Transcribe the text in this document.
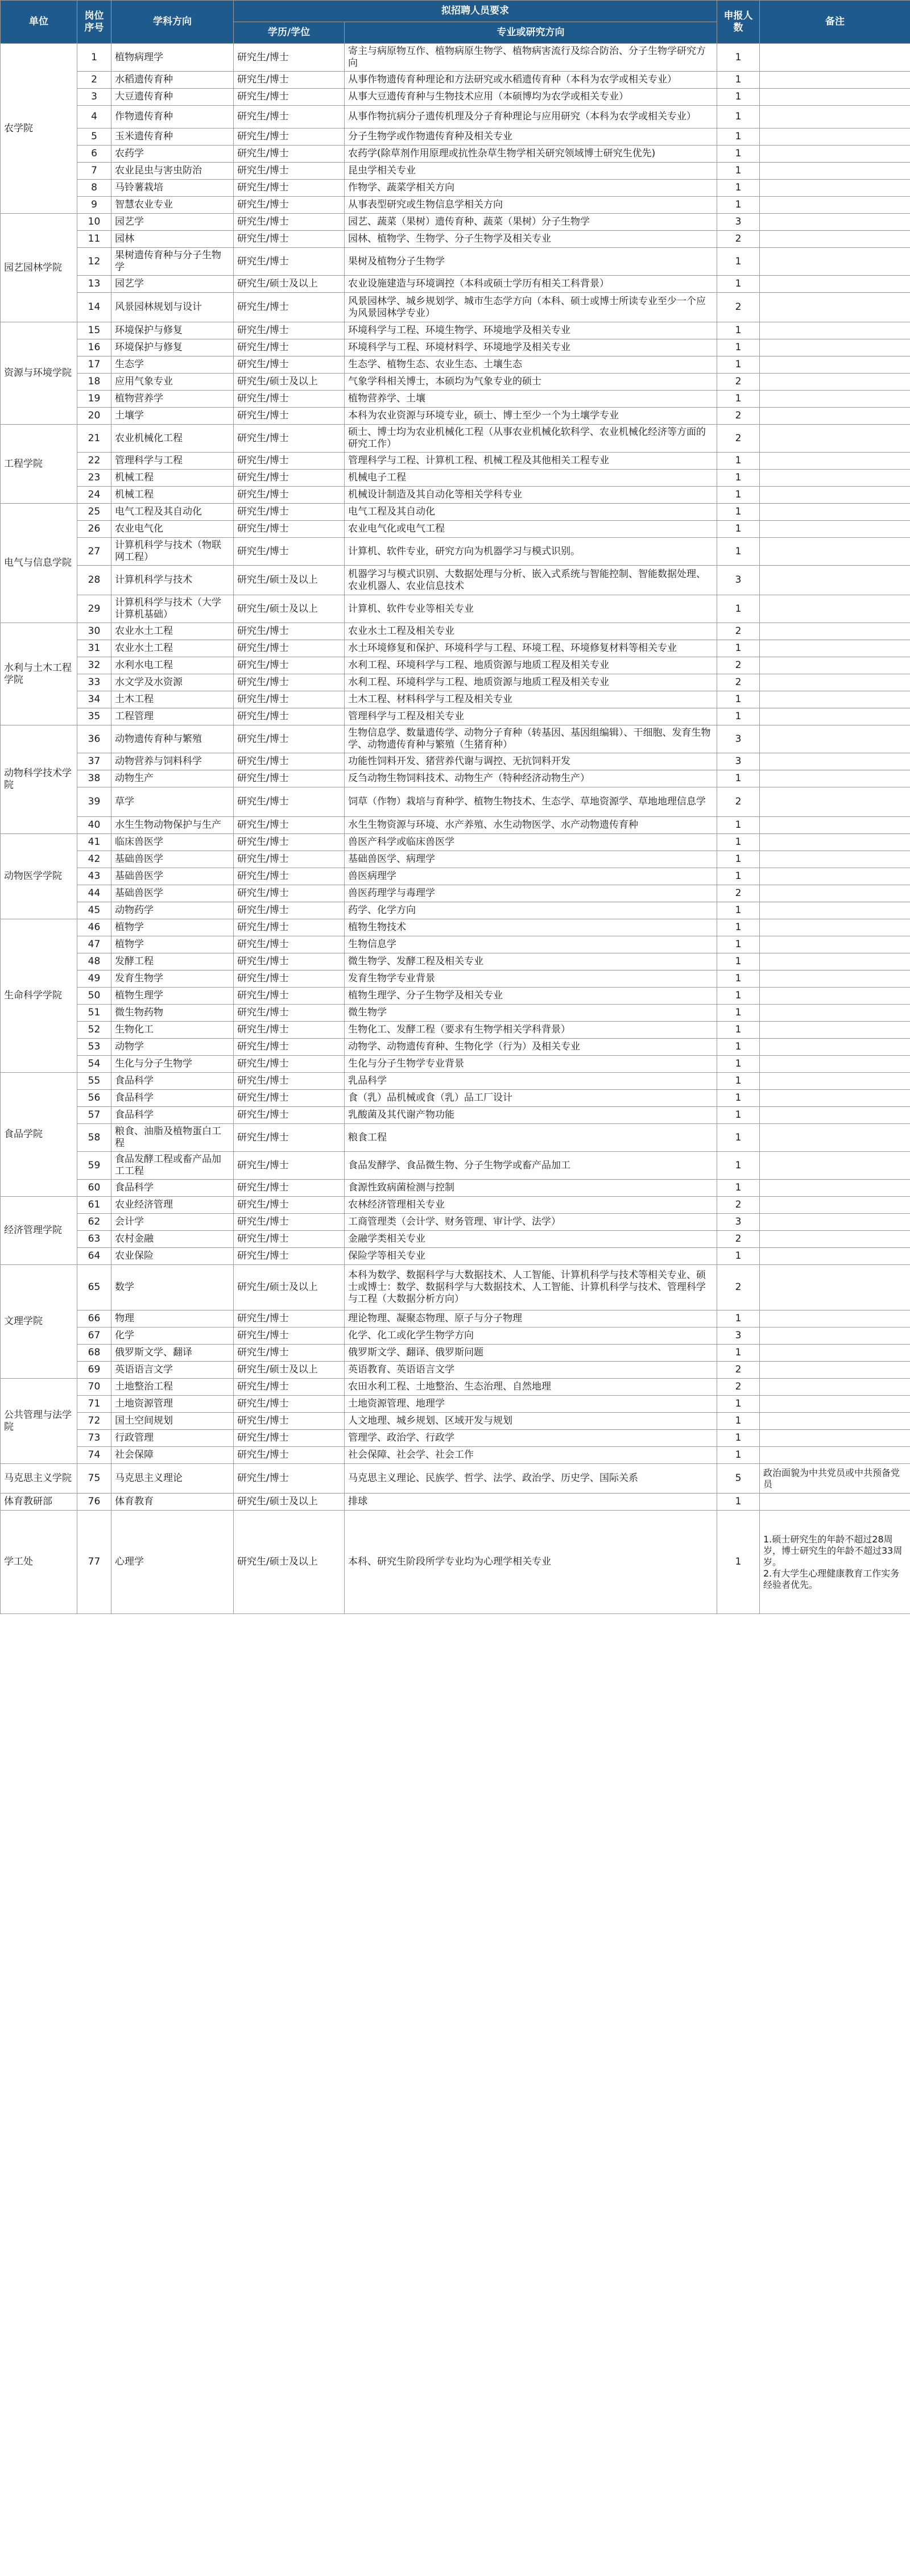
单位	岗位序号	学科方向	拟招聘人员要求		申报人数	备注
			学历/学位	专业或研究方向		
农学院	1	植物病理学	研究生/博士	寄主与病原物互作、植物病原生物学、植物病害流行及综合防治、分子生物学研究方向	1	
	2	水稻遗传育种	研究生/博士	从事作物遗传育种理论和方法研究或水稻遗传育种（本科为农学或相关专业）	1	
	3	大豆遗传育种	研究生/博士	从事大豆遗传育种与生物技术应用（本硕博均为农学或相关专业）	1	
	4	作物遗传育种	研究生/博士	从事作物抗病分子遗传机理及分子育种理论与应用研究（本科为农学或相关专业）	1	
	5	玉米遗传育种	研究生/博士	分子生物学或作物遗传育种及相关专业	1	
	6	农药学	研究生/博士	农药学(除草剂作用原理或抗性杂草生物学相关研究领域博士研究生优先)	1	
	7	农业昆虫与害虫防治	研究生/博士	昆虫学相关专业	1	
	8	马铃薯栽培	研究生/博士	作物学、蔬菜学相关方向	1	
	9	智慧农业专业	研究生/博士	从事表型研究或生物信息学相关方向	1	
园艺园林学院	10	园艺学	研究生/博士	园艺、蔬菜（果树）遗传育种、蔬菜（果树）分子生物学	3	
	11	园林	研究生/博士	园林、植物学、生物学、分子生物学及相关专业	2	
	12	果树遗传育种与分子生物学	研究生/博士	果树及植物分子生物学	1	
	13	园艺学	研究生/硕士及以上	农业设施建造与环境调控（本科或硕士学历有相关工科背景）	1	
	14	风景园林规划与设计	研究生/博士	风景园林学、城乡规划学、城市生态学方向（本科、硕士或博士所读专业至少一个应为风景园林学专业）	2	
资源与环境学院	15	环境保护与修复	研究生/博士	环境科学与工程、环境生物学、环境地学及相关专业	1	
	16	环境保护与修复	研究生/博士	环境科学与工程、环境材料学、环境地学及相关专业	1	
	17	生态学	研究生/博士	生态学、植物生态、农业生态、土壤生态	1	
	18	应用气象专业	研究生/硕士及以上	气象学科相关博士，本硕均为气象专业的硕士	2	
	19	植物营养学	研究生/博士	植物营养学、土壤	1	
	20	土壤学	研究生/博士	本科为农业资源与环境专业，硕士、博士至少一个为土壤学专业	2	
工程学院	21	农业机械化工程	研究生/博士	硕士、博士均为农业机械化工程（从事农业机械化软科学、农业机械化经济等方面的研究工作）	2	
	22	管理科学与工程	研究生/博士	管理科学与工程、计算机工程、机械工程及其他相关工程专业	1	
	23	机械工程	研究生/博士	机械电子工程	1	
	24	机械工程	研究生/博士	机械设计制造及其自动化等相关学科专业	1	
电气与信息学院	25	电气工程及其自动化	研究生/博士	电气工程及其自动化	1	
	26	农业电气化	研究生/博士	农业电气化或电气工程	1	
	27	计算机科学与技术（物联网工程）	研究生/博士	计算机、软件专业，研究方向为机器学习与模式识别。	1	
	28	计算机科学与技术	研究生/硕士及以上	机器学习与模式识别、大数据处理与分析、嵌入式系统与智能控制、智能数据处理、农业机器人、农业信息技术	3	
	29	计算机科学与技术（大学计算机基础）	研究生/硕士及以上	计算机、软件专业等相关专业	1	
水利与土木工程学院	30	农业水土工程	研究生/博士	农业水土工程及相关专业	2	
	31	农业水土工程	研究生/博士	水土环境修复和保护、环境科学与工程、环境工程、环境修复材料等相关专业	1	
	32	水利水电工程	研究生/博士	水利工程、环境科学与工程、地质资源与地质工程及相关专业	2	
	33	水文学及水资源	研究生/博士	水利工程、环境科学与工程、地质资源与地质工程及相关专业	2	
	34	土木工程	研究生/博士	土木工程、材料科学与工程及相关专业	1	
	35	工程管理	研究生/博士	管理科学与工程及相关专业	1	
动物科学技术学院	36	动物遗传育种与繁殖	研究生/博士	生物信息学、数量遗传学、动物分子育种（转基因、基因组编辑）、干细胞、发育生物学、动物遗传育种与繁殖（生猪育种）	3	
	37	动物营养与饲料科学	研究生/博士	功能性饲料开发、猪营养代谢与调控、无抗饲料开发	3	
	38	动物生产	研究生/博士	反刍动物生物饲料技术、动物生产（特种经济动物生产）	1	
	39	草学	研究生/博士	饲草（作物）栽培与育种学、植物生物技术、生态学、草地资源学、草地地理信息学	2	
	40	水生生物动物保护与生产	研究生/博士	水生生物资源与环境、水产养殖、水生动物医学、水产动物遗传育种	1	
动物医学学院	41	临床兽医学	研究生/博士	兽医产科学或临床兽医学	1	
	42	基础兽医学	研究生/博士	基础兽医学、病理学	1	
	43	基础兽医学	研究生/博士	兽医病理学	1	
	44	基础兽医学	研究生/博士	兽医药理学与毒理学	2	
	45	动物药学	研究生/博士	药学、化学方向	1	
生命科学学院	46	植物学	研究生/博士	植物生物技术	1	
	47	植物学	研究生/博士	生物信息学	1	
	48	发酵工程	研究生/博士	微生物学、发酵工程及相关专业	1	
	49	发育生物学	研究生/博士	发育生物学专业背景	1	
	50	植物生理学	研究生/博士	植物生理学、分子生物学及相关专业	1	
	51	微生物药物	研究生/博士	微生物学	1	
	52	生物化工	研究生/博士	生物化工、发酵工程（要求有生物学相关学科背景）	1	
	53	动物学	研究生/博士	动物学、动物遗传育种、生物化学（行为）及相关专业	1	
	54	生化与分子生物学	研究生/博士	生化与分子生物学专业背景	1	
食品学院	55	食品科学	研究生/博士	乳品科学	1	
	56	食品科学	研究生/博士	食（乳）品机械或食（乳）品工厂设计	1	
	57	食品科学	研究生/博士	乳酸菌及其代谢产物功能	1	
	58	粮食、油脂及植物蛋白工程	研究生/博士	粮食工程	1	
	59	食品发酵工程或畜产品加工工程	研究生/博士	食品发酵学、食品微生物、分子生物学或畜产品加工	1	
	60	食品科学	研究生/博士	食源性致病菌检测与控制	1	
经济管理学院	61	农业经济管理	研究生/博士	农林经济管理相关专业	2	
	62	会计学	研究生/博士	工商管理类（会计学、财务管理、审计学、法学）	3	
	63	农村金融	研究生/博士	金融学类相关专业	2	
	64	农业保险	研究生/博士	保险学等相关专业	1	
文理学院	65	数学	研究生/硕士及以上	本科为数学、数据科学与大数据技术、人工智能、计算机科学与技术等相关专业、硕士或博士：数学、数据科学与大数据技术、人工智能、计算机科学与技术、管理科学与工程（大数据分析方向）	2	
	66	物理	研究生/博士	理论物理、凝聚态物理、原子与分子物理	1	
	67	化学	研究生/博士	化学、化工或化学生物学方向	3	
	68	俄罗斯文学、翻译	研究生/博士	俄罗斯文学、翻译、俄罗斯问题	1	
	69	英语语言文学	研究生/硕士及以上	英语教育、英语语言文学	2	
公共管理与法学院	70	土地整治工程	研究生/博士	农田水利工程、土地整治、生态治理、自然地理	2	
	71	土地资源管理	研究生/博士	土地资源管理、地理学	1	
	72	国土空间规划	研究生/博士	人文地理、城乡规划、区域开发与规划	1	
	73	行政管理	研究生/博士	管理学、政治学、行政学	1	
	74	社会保障	研究生/博士	社会保障、社会学、社会工作	1	
马克思主义学院	75	马克思主义理论	研究生/博士	马克思主义理论、民族学、哲学、法学、政治学、历史学、国际关系	5	政治面貌为中共党员或中共预备党员
体育教研部	76	体育教育	研究生/硕士及以上	排球	1	
学工处	77	心理学	研究生/硕士及以上	本科、研究生阶段所学专业均为心理学相关专业	1	1.硕士研究生的年龄不超过28周岁，博士研究生的年龄不超过33周岁。
2.有大学生心理健康教育工作实务经验者优先。
